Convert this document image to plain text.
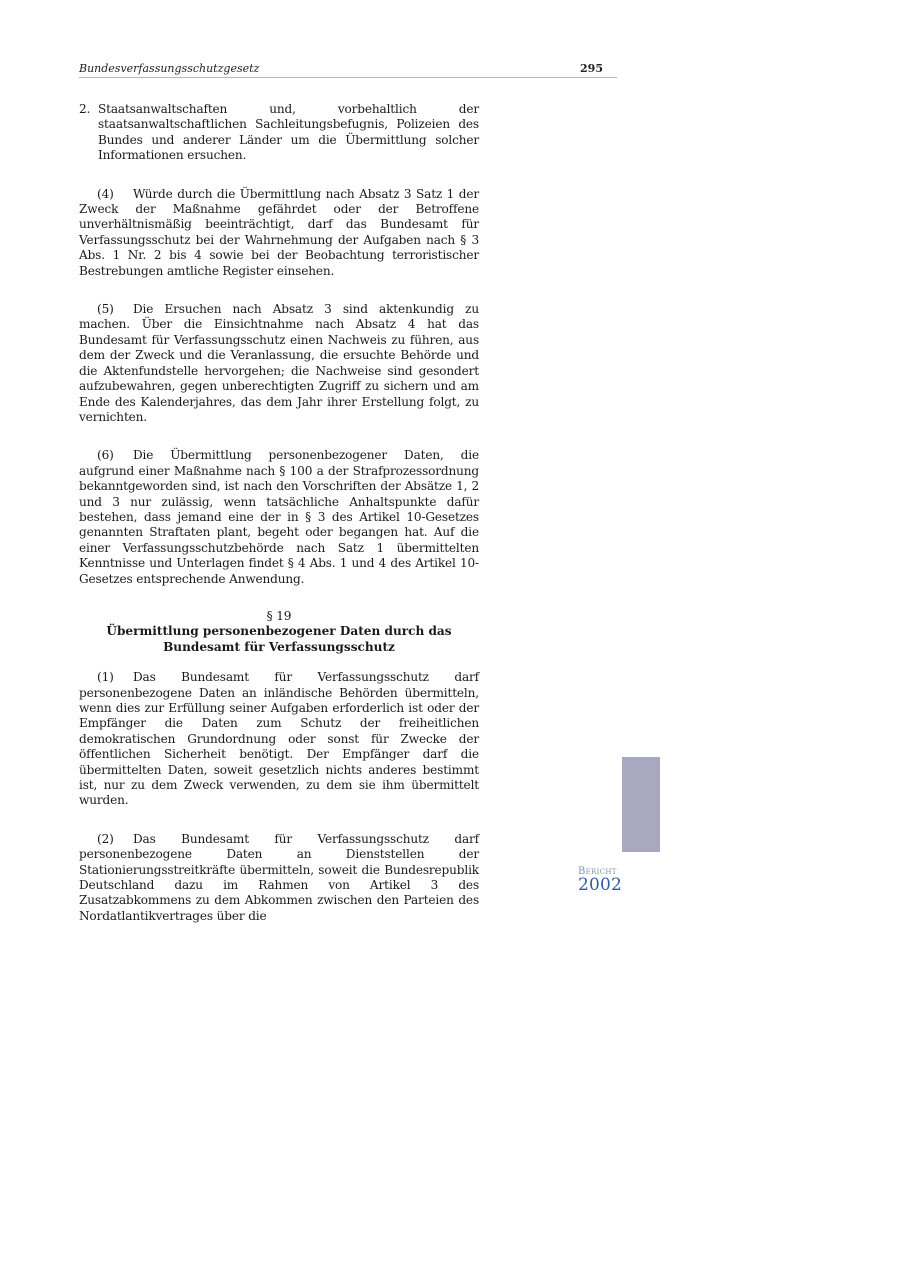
Bundesverfassungsschutzgesetz	295
2. Staatsanwaltschaften und, vorbehaltlich der staatsanwaltschaftlichen Sachleitungsbefugnis, Polizeien des Bundes und anderer Länder um die Übermittlung solcher Informationen ersuchen.

(4) Würde durch die Übermittlung nach Absatz 3 Satz 1 der Zweck der Maßnahme gefährdet oder der Betroffene unverhältnismäßig beeinträchtigt, darf das Bundesamt für Verfassungsschutz bei der Wahrnehmung der Aufgaben nach § 3 Abs. 1 Nr. 2 bis 4 sowie bei der Beobachtung terroristischer Bestrebungen amtliche Register einsehen.

(5) Die Ersuchen nach Absatz 3 sind aktenkundig zu machen. Über die Einsichtnahme nach Absatz 4 hat das Bundesamt für Verfassungsschutz einen Nachweis zu führen, aus dem der Zweck und die Veranlassung, die ersuchte Behörde und die Aktenfundstelle hervorgehen; die Nachweise sind gesondert aufzubewahren, gegen unberechtigten Zugriff zu sichern und am Ende des Kalenderjahres, das dem Jahr ihrer Erstellung folgt, zu vernichten.

(6) Die Übermittlung personenbezogener Daten, die aufgrund einer Maßnahme nach § 100 a der Strafprozessordnung bekanntgeworden sind, ist nach den Vorschriften der Absätze 1, 2 und 3 nur zulässig, wenn tatsächliche Anhaltspunkte dafür bestehen, dass jemand eine der in § 3 des Artikel 10-Gesetzes genannten Straftaten plant, begeht oder begangen hat. Auf die einer Verfassungsschutzbehörde nach Satz 1 übermittelten Kenntnisse und Unterlagen findet § 4 Abs. 1 und 4 des Artikel 10-Gesetzes entsprechende Anwendung.

§ 19
Übermittlung personenbezogener Daten durch das Bundesamt für Verfassungsschutz

(1) Das Bundesamt für Verfassungsschutz darf personenbezogene Daten an inländische Behörden übermitteln, wenn dies zur Erfüllung seiner Aufgaben erforderlich ist oder der Empfänger die Daten zum Schutz der freiheitlichen demokratischen Grundordnung oder sonst für Zwecke der öffentlichen Sicherheit benötigt. Der Empfänger darf die übermittelten Daten, soweit gesetzlich nichts anderes bestimmt ist, nur zu dem Zweck verwenden, zu dem sie ihm übermittelt wurden.

(2) Das Bundesamt für Verfassungsschutz darf personenbezogene Daten an Dienststellen der Stationierungsstreitkräfte übermitteln, soweit die Bundesrepublik Deutschland dazu im Rahmen von Artikel 3 des Zusatzabkommens zu dem Abkommen zwischen den Parteien des Nordatlantikvertrages über die

Bericht
2002
